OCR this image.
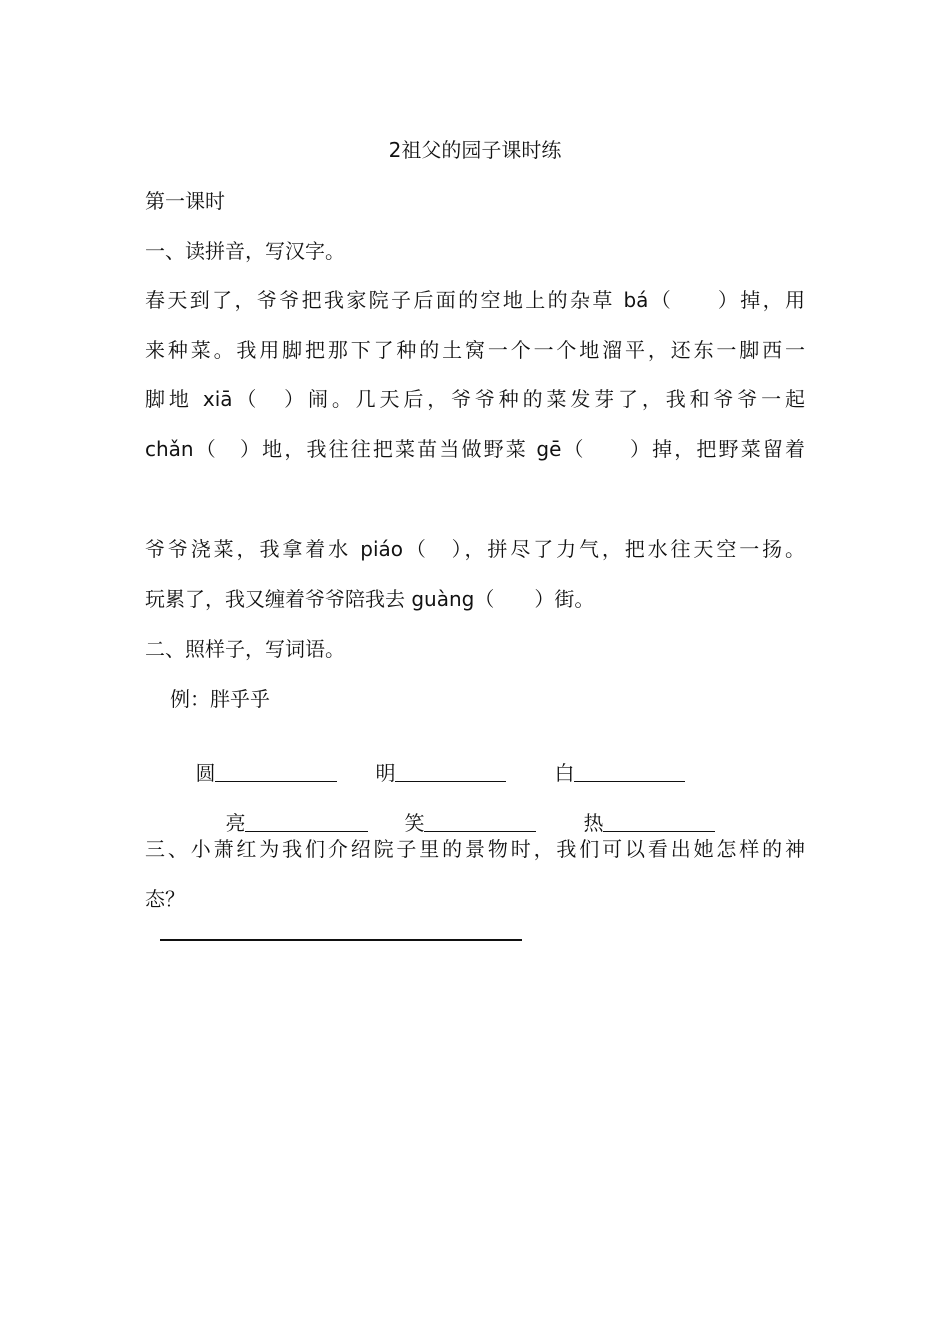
2祖父的园子课时练
第一课时
一、读拼音，写汉字。
春天到了，爷爷把我家院子后面的空地上的杂草 bá（　　）掉，用
来种菜。我用脚把那下了种的土窝一个一个地溜平，还东一脚西一
脚地 xiā（　）闹。几天后，爷爷种的菜发芽了，我和爷爷一起
chǎn（　）地，我往往把菜苗当做野菜 gē（　　）掉，把野菜留着
爷爷浇菜，我拿着水 piáo（　），拼尽了力气，把水往天空一扬。
玩累了，我又缠着爷爷陪我去 guàng（　　）街。
二、照样子，写词语。
例：胖乎乎

圆
	明
	白

亮
	笑
	热

三、小萧红为我们介绍院子里的景物时，我们可以看出她怎样的神
态？
